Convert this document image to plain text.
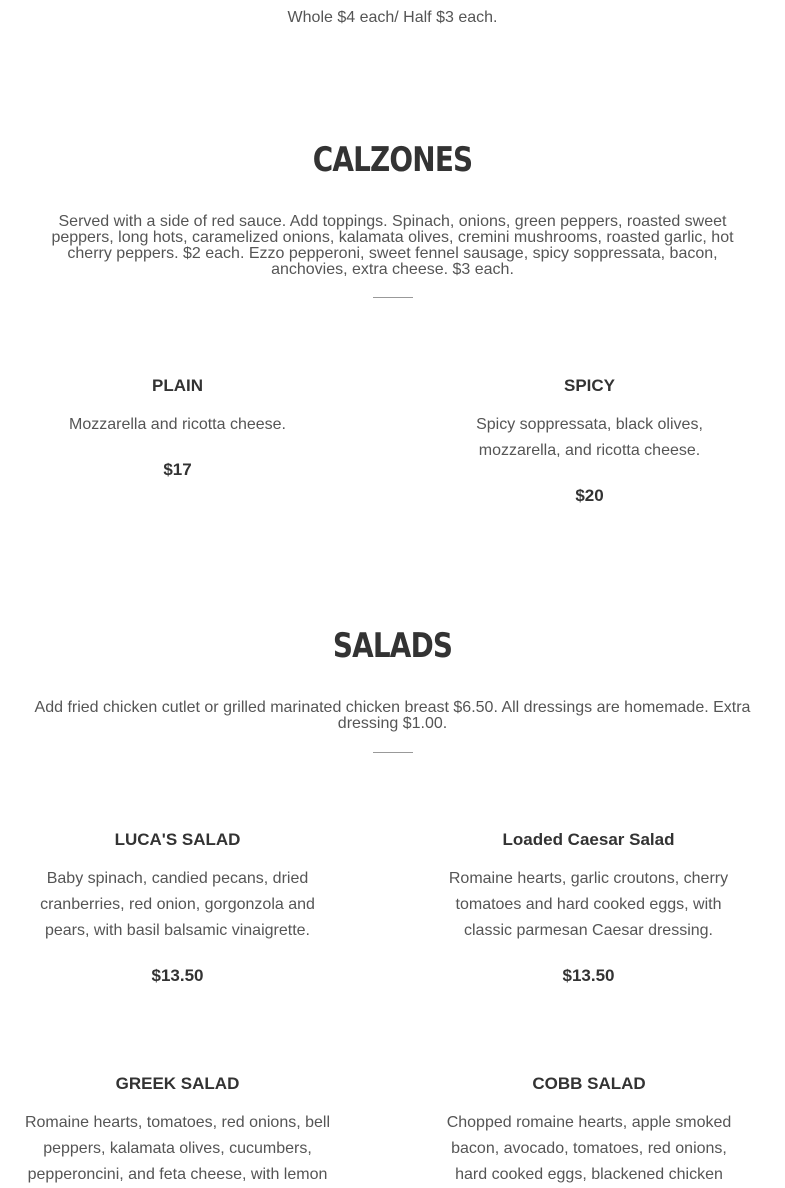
Whole $4 each/ Half $3 each.
CALZONES

Served with a side of red sauce. Add toppings. Spinach, onions, green peppers, roasted sweet peppers, long hots, caramelized onions, kalamata olives, cremini mushrooms, roasted garlic, hot cherry peppers. $2 each. Ezzo pepperoni, sweet fennel sausage, spicy soppressata, bacon, anchovies, extra cheese. $3 each.

PLAIN

Mozzarella and ricotta cheese.

$17

SPICY

Spicy soppressata, black olives, mozzarella, and ricotta cheese.

$20

SALADS

Add fried chicken cutlet or grilled marinated chicken breast $6.50. All dressings are homemade. Extra dressing $1.00.

LUCA'S SALAD

Baby spinach, candied pecans, dried cranberries, red onion, gorgonzola and pears, with basil balsamic vinaigrette.

$13.50

Loaded Caesar Salad

Romaine hearts, garlic croutons, cherry tomatoes and hard cooked eggs, with classic parmesan Caesar dressing.

$13.50

GREEK SALAD

Romaine hearts, tomatoes, red onions, bell peppers, kalamata olives, cucumbers, pepperoncini, and feta cheese, with lemon

COBB SALAD

Chopped romaine hearts, apple smoked bacon, avocado, tomatoes, red onions, hard cooked eggs, blackened chicken
